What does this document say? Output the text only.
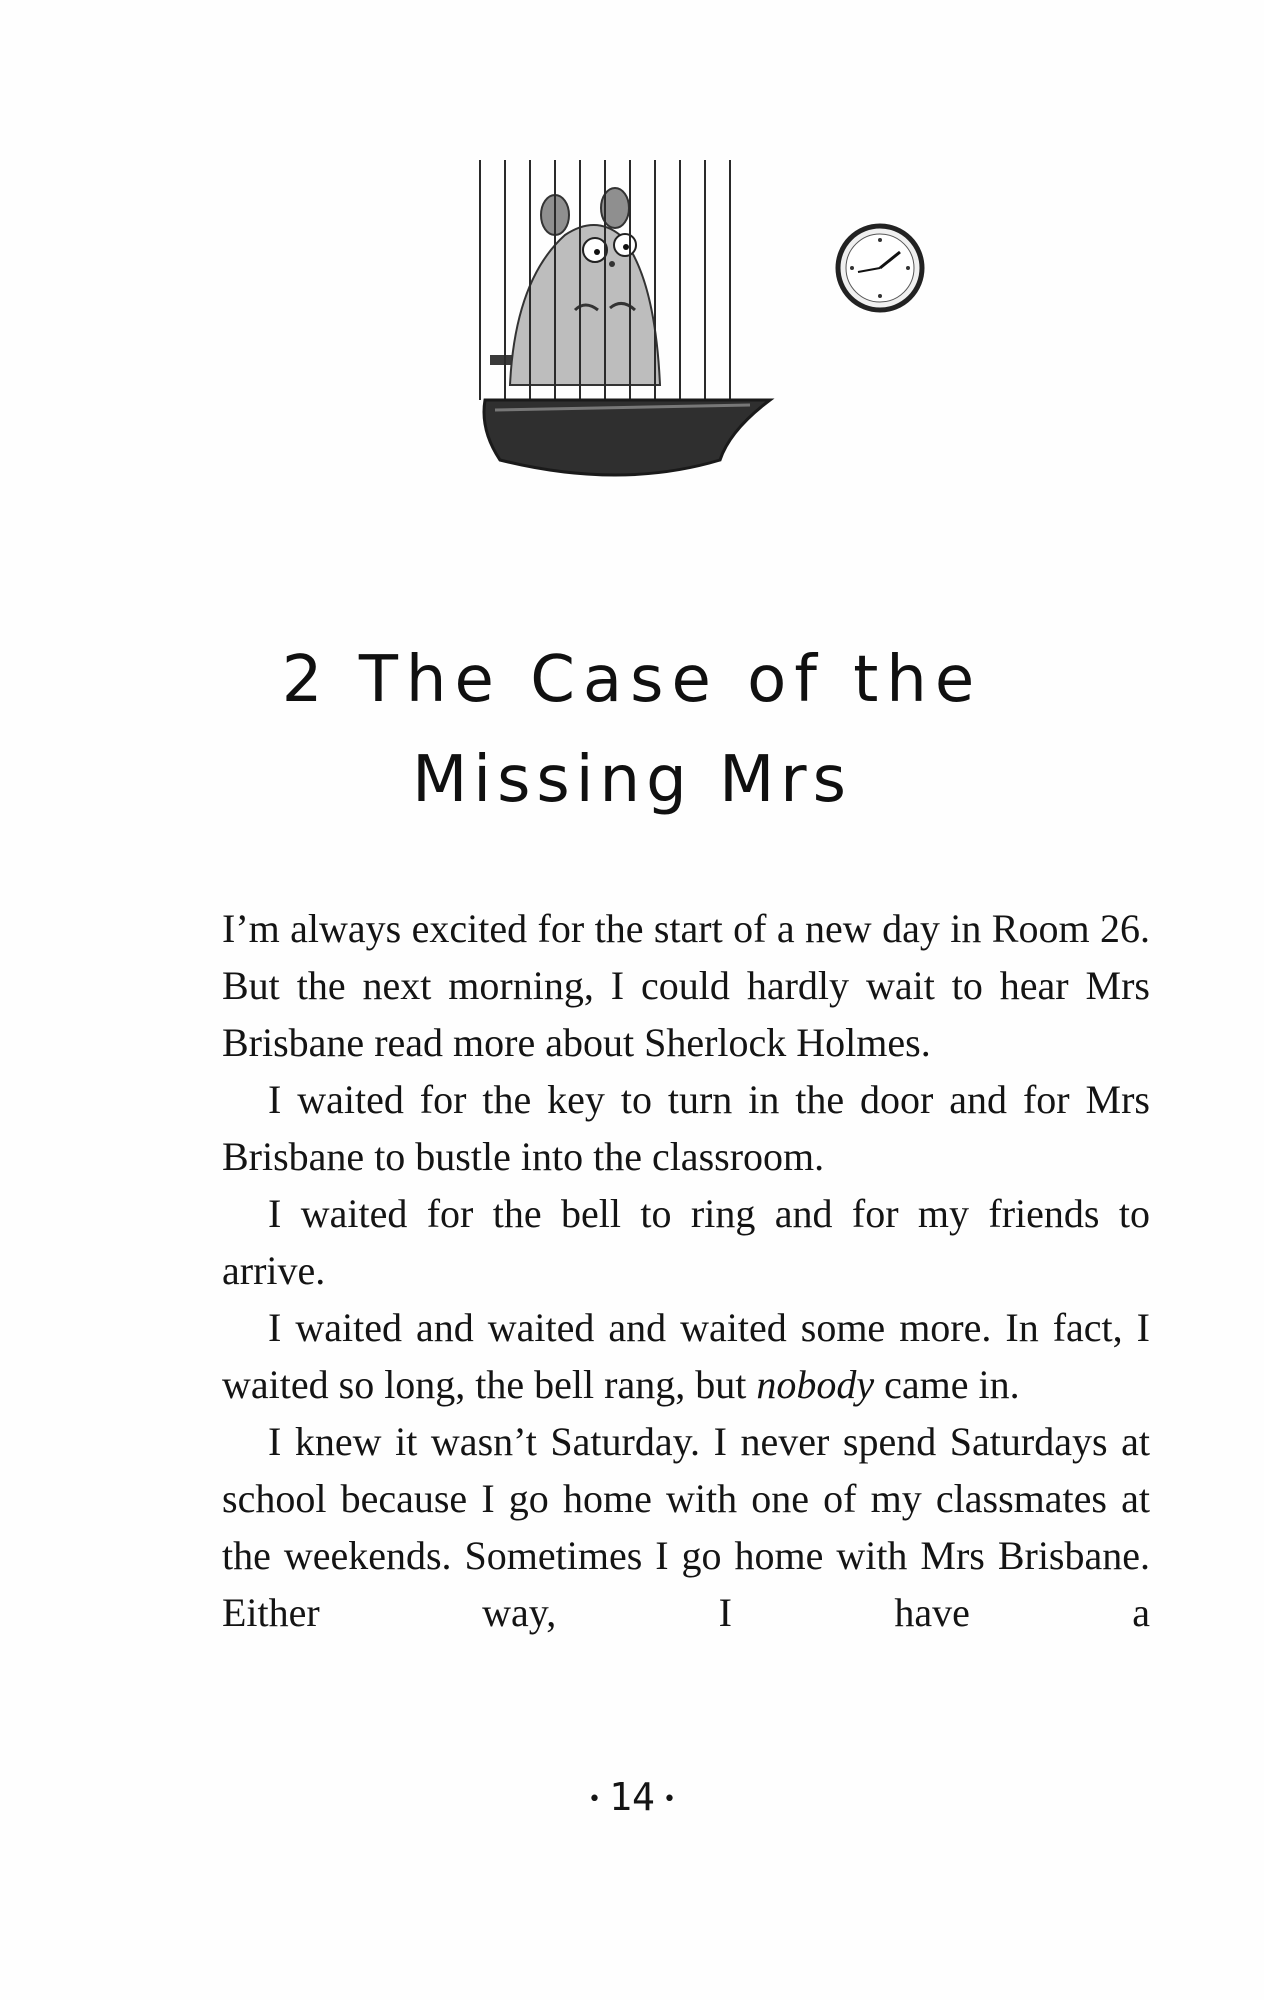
2 The Case of the
Missing Mrs

I’m always excited for the start of a new day in Room 26. But the next morning, I could hardly wait to hear Mrs Brisbane read more about Sherlock Holmes.

I waited for the key to turn in the door and for Mrs Brisbane to bustle into the classroom.

I waited for the bell to ring and for my friends to arrive.

I waited and waited and waited some more. In fact, I waited so long, the bell rang, but nobody came in.

I knew it wasn’t Saturday. I never spend Saturdays at school because I go home with one of my classmates at the weekends. Sometimes I go home with Mrs Brisbane. Either way, I have a

• 14 •
